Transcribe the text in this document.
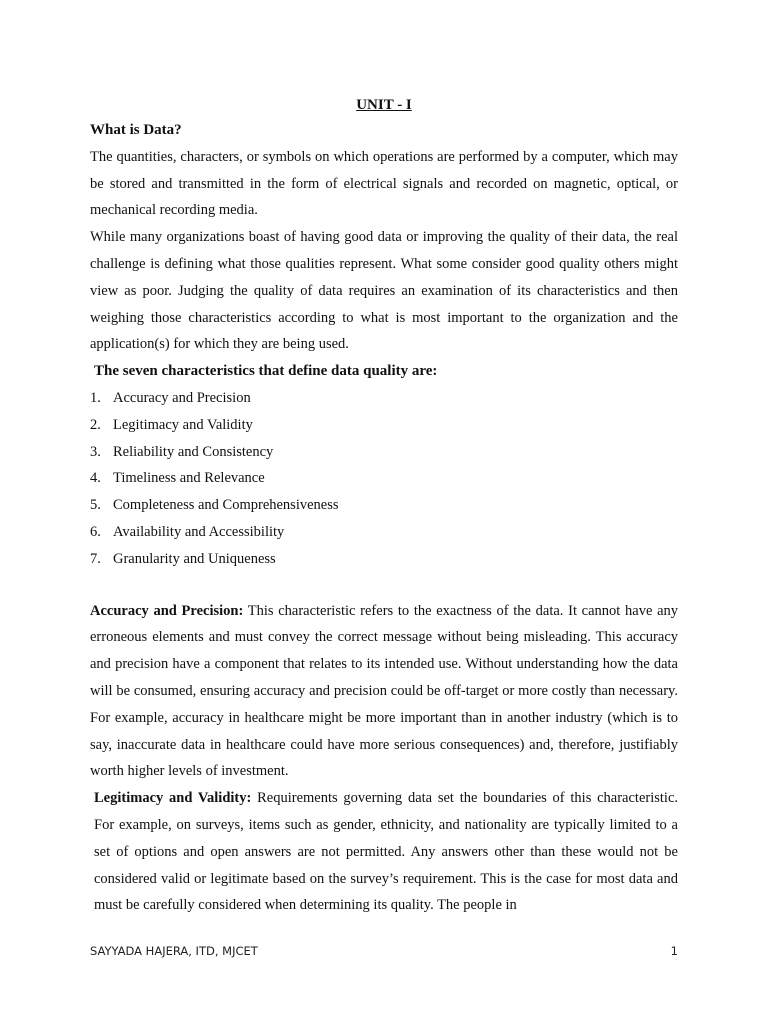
UNIT - I

What is Data?

The quantities, characters, or symbols on which operations are performed by a computer, which may be stored and transmitted in the form of electrical signals and recorded on magnetic, optical, or mechanical recording media.

While many organizations boast of having good data or improving the quality of their data, the real challenge is defining what those qualities represent. What some consider good quality others might view as poor. Judging the quality of data requires an examination of its characteristics and then weighing those characteristics according to what is most important to the organization and the application(s) for which they are being used.

The seven characteristics that define data quality are:

1. Accuracy and Precision
2. Legitimacy and Validity
3. Reliability and Consistency
4. Timeliness and Relevance
5. Completeness and Comprehensiveness
6. Availability and Accessibility
7. Granularity and Uniqueness

Accuracy and Precision: This characteristic refers to the exactness of the data. It cannot have any erroneous elements and must convey the correct message without being misleading. This accuracy and precision have a component that relates to its intended use. Without understanding how the data will be consumed, ensuring accuracy and precision could be off-target or more costly than necessary. For example, accuracy in healthcare might be more important than in another industry (which is to say, inaccurate data in healthcare could have more serious consequences) and, therefore, justifiably worth higher levels of investment.

Legitimacy and Validity: Requirements governing data set the boundaries of this characteristic. For example, on surveys, items such as gender, ethnicity, and nationality are typically limited to a set of options and open answers are not permitted. Any answers other than these would not be considered valid or legitimate based on the survey’s requirement. This is the case for most data and must be carefully considered when determining its quality. The people in

SAYYADA HAJERA, ITD, MJCET	1
